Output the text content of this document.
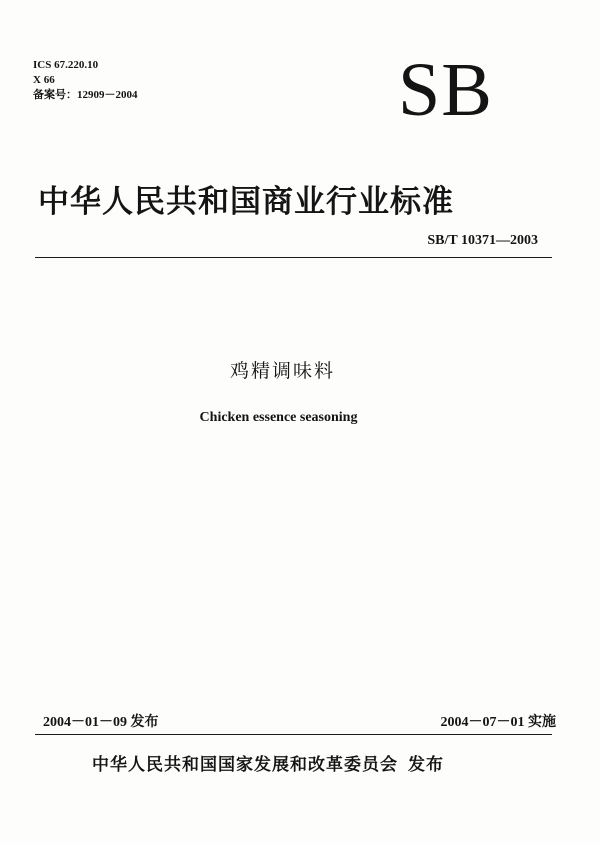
ICS 67.220.10
X 66
备案号：12909－2004	SB
中华人民共和国商业行业标准
SB/T 10371—2003
鸡精调味料
Chicken essence seasoning
2004－01－09 发布	2004－07－01 实施
中华人民共和国国家发展和改革委员会 发布
